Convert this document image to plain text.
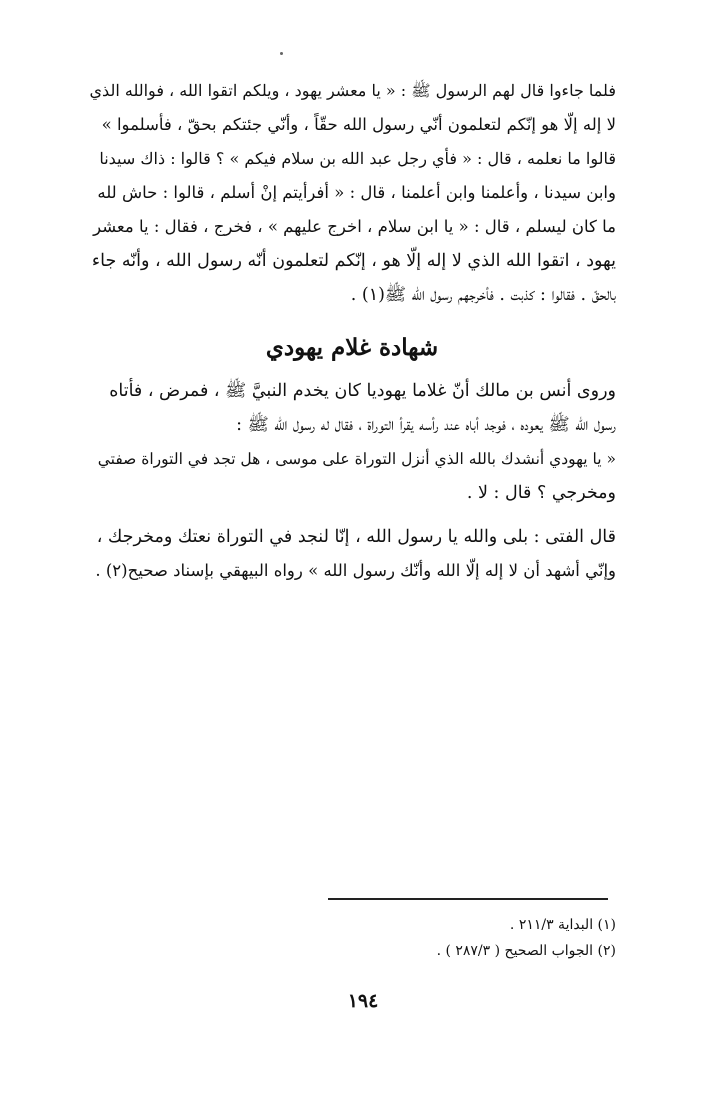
فلما جاءوا قال لهم الرسول ﷺ : « يا معشر يهود ، ويلكم اتقوا الله ، فوالله الذي
لا إله إلّا هو إنّكم لتعلمون أنّي رسول الله حقّاً ، وأنّي جئتكم بحقّ ، فأسلموا »
قالوا ما نعلمه ، قال : « فأي رجل عبد الله بن سلام فيكم » ؟ قالوا : ذاك سيدنا
وابن سيدنا ، وأعلمنا وابن أعلمنا ، قال : « أفرأيتم إنْ أسلم ، قالوا : حاش لله
ما كان ليسلم ، قال : « يا ابن سلام ، اخرج عليهم » ، فخرج ، فقال : يا معشر
يهود ، اتقوا الله الذي لا إله إلّا هو ، إنّكم لتعلمون أنّه رسول الله ، وأنّه جاء
بالحقّ . فقالوا : كذبت . فأخرجهم رسول الله ﷺ(١) .
شهادة غلام يهودي
وروى أنس بن مالك أنّ غلاما يهوديا كان يخدم النبيَّ ﷺ ، فمرض ، فأتاه
رسول الله ﷺ يعوده ، فوجد أباه عند رأسه يقرأ التوراة ، فقال له رسول الله ﷺ :
« يا يهودي أنشدك بالله الذي أنزل التوراة على موسى ، هل تجد في التوراة صفتي
ومخرجي ؟ قال : لا .
قال الفتى : بلى والله يا رسول الله ، إنّا لنجد في التوراة نعتك ومخرجك ،
وإنّي أشهد أن لا إله إلّا الله وأنّك رسول الله » رواه البيهقي بإسناد صحيح(٢) .
(١) البداية ٢١١/٣ .
(٢) الجواب الصحيح ( ٢٨٧/٣ ) .
١٩٤
